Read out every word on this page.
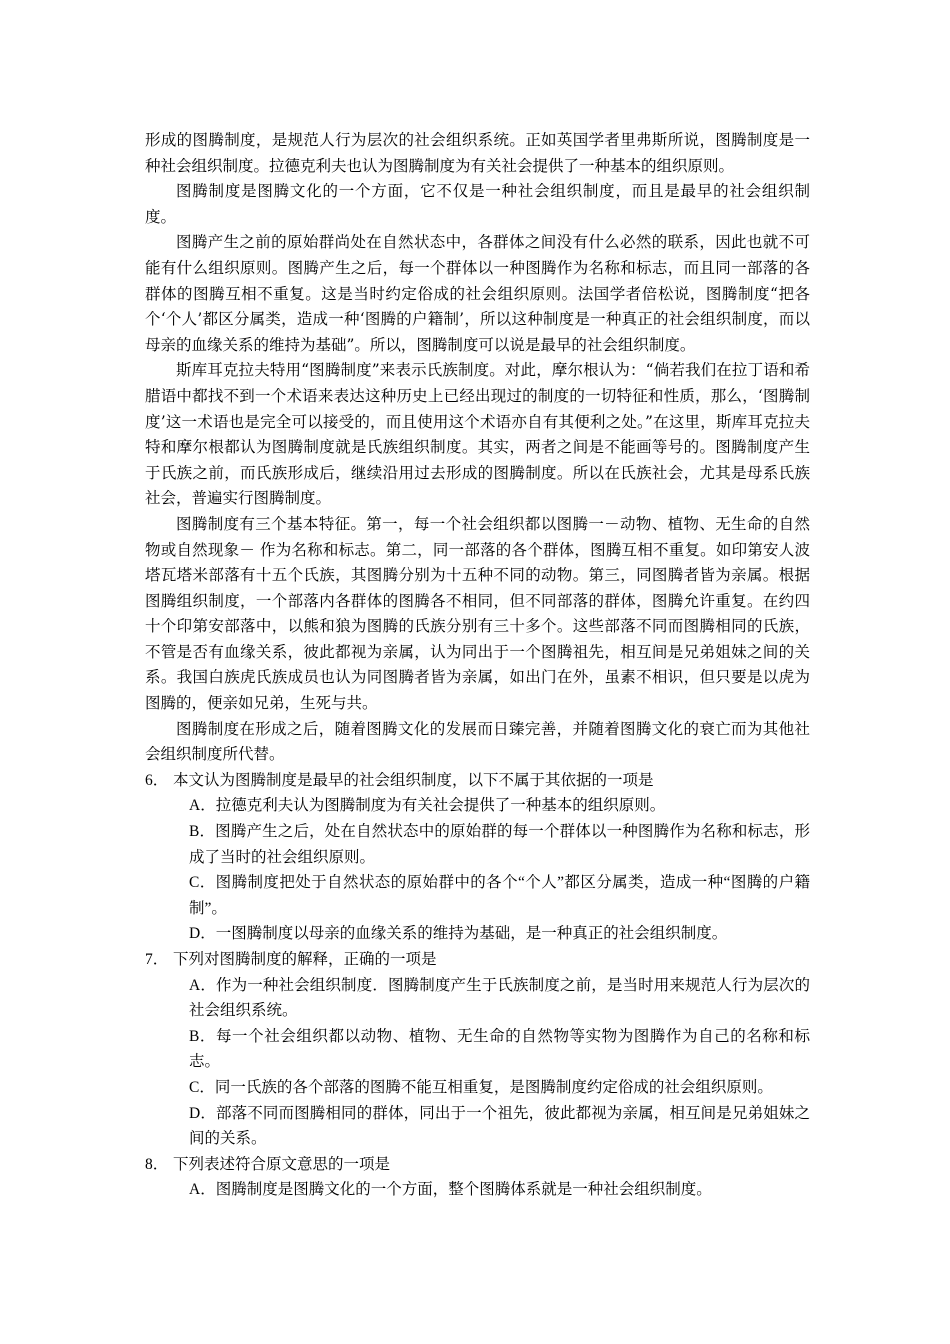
形成的图腾制度，是规范人行为层次的社会组织系统。正如英国学者里弗斯所说，图腾制度是一种社会组织制度。拉德克利夫也认为图腾制度为有关社会提供了一种基本的组织原则。

图腾制度是图腾文化的一个方面，它不仅是一种社会组织制度，而且是最早的社会组织制度。

图腾产生之前的原始群尚处在自然状态中，各群体之间没有什么必然的联系，因此也就不可能有什么组织原则。图腾产生之后，每一个群体以一种图腾作为名称和标志，而且同一部落的各群体的图腾互相不重复。这是当时约定俗成的社会组织原则。法国学者倍松说，图腾制度“把各个‘个人’都区分属类，造成一种‘图腾的户籍制’，所以这种制度是一种真正的社会组织制度，而以母亲的血缘关系的维持为基础”。所以，图腾制度可以说是最早的社会组织制度。

斯库耳克拉夫特用“图腾制度”来表示氏族制度。对此，摩尔根认为：“倘若我们在拉丁语和希腊语中都找不到一个术语来表达这种历史上已经出现过的制度的一切特征和性质，那么，‘图腾制度’这一术语也是完全可以接受的，而且使用这个术语亦自有其便利之处。”在这里，斯库耳克拉夫特和摩尔根都认为图腾制度就是氏族组织制度。其实，两者之间是不能画等号的。图腾制度产生于氏族之前，而氏族形成后，继续沿用过去形成的图腾制度。所以在氏族社会，尤其是母系氏族社会，普遍实行图腾制度。

图腾制度有三个基本特征。第一，每一个社会组织都以图腾一－动物、植物、无生命的自然物或自然现象－ 作为名称和标志。第二，同一部落的各个群体，图腾互相不重复。如印第安人波塔瓦塔米部落有十五个氏族，其图腾分别为十五种不同的动物。第三，同图腾者皆为亲属。根据图腾组织制度，一个部落内各群体的图腾各不相同，但不同部落的群体，图腾允许重复。在约四十个印第安部落中，以熊和狼为图腾的氏族分别有三十多个。这些部落不同而图腾相同的氏族，不管是否有血缘关系，彼此都视为亲属，认为同出于一个图腾祖先，相互间是兄弟姐妹之间的关系。我国白族虎氏族成员也认为同图腾者皆为亲属，如出门在外，虽素不相识，但只要是以虎为图腾的，便亲如兄弟，生死与共。

图腾制度在形成之后，随着图腾文化的发展而日臻完善，并随着图腾文化的衰亡而为其他社会组织制度所代替。

6． 本文认为图腾制度是最早的社会组织制度，以下不属于其依据的一项是
A．拉德克利夫认为图腾制度为有关社会提供了一种基本的组织原则。
B．图腾产生之后，处在自然状态中的原始群的每一个群体以一种图腾作为名称和标志，形成了当时的社会组织原则。
C．图腾制度把处于自然状态的原始群中的各个“个人”都区分属类，造成一种“图腾的户籍制”。
D．一图腾制度以母亲的血缘关系的维持为基础，是一种真正的社会组织制度。
7． 下列对图腾制度的解释，正确的一项是
A．作为一种社会组织制度．图腾制度产生于氏族制度之前，是当时用来规范人行为层次的社会组织系统。
B．每一个社会组织都以动物、植物、无生命的自然物等实物为图腾作为自己的名称和标志。
C．同一氏族的各个部落的图腾不能互相重复，是图腾制度约定俗成的社会组织原则。
D．部落不同而图腾相同的群体，同出于一个祖先，彼此都视为亲属，相互间是兄弟姐妹之间的关系。
8． 下列表述符合原文意思的一项是
A．图腾制度是图腾文化的一个方面，整个图腾体系就是一种社会组织制度。
